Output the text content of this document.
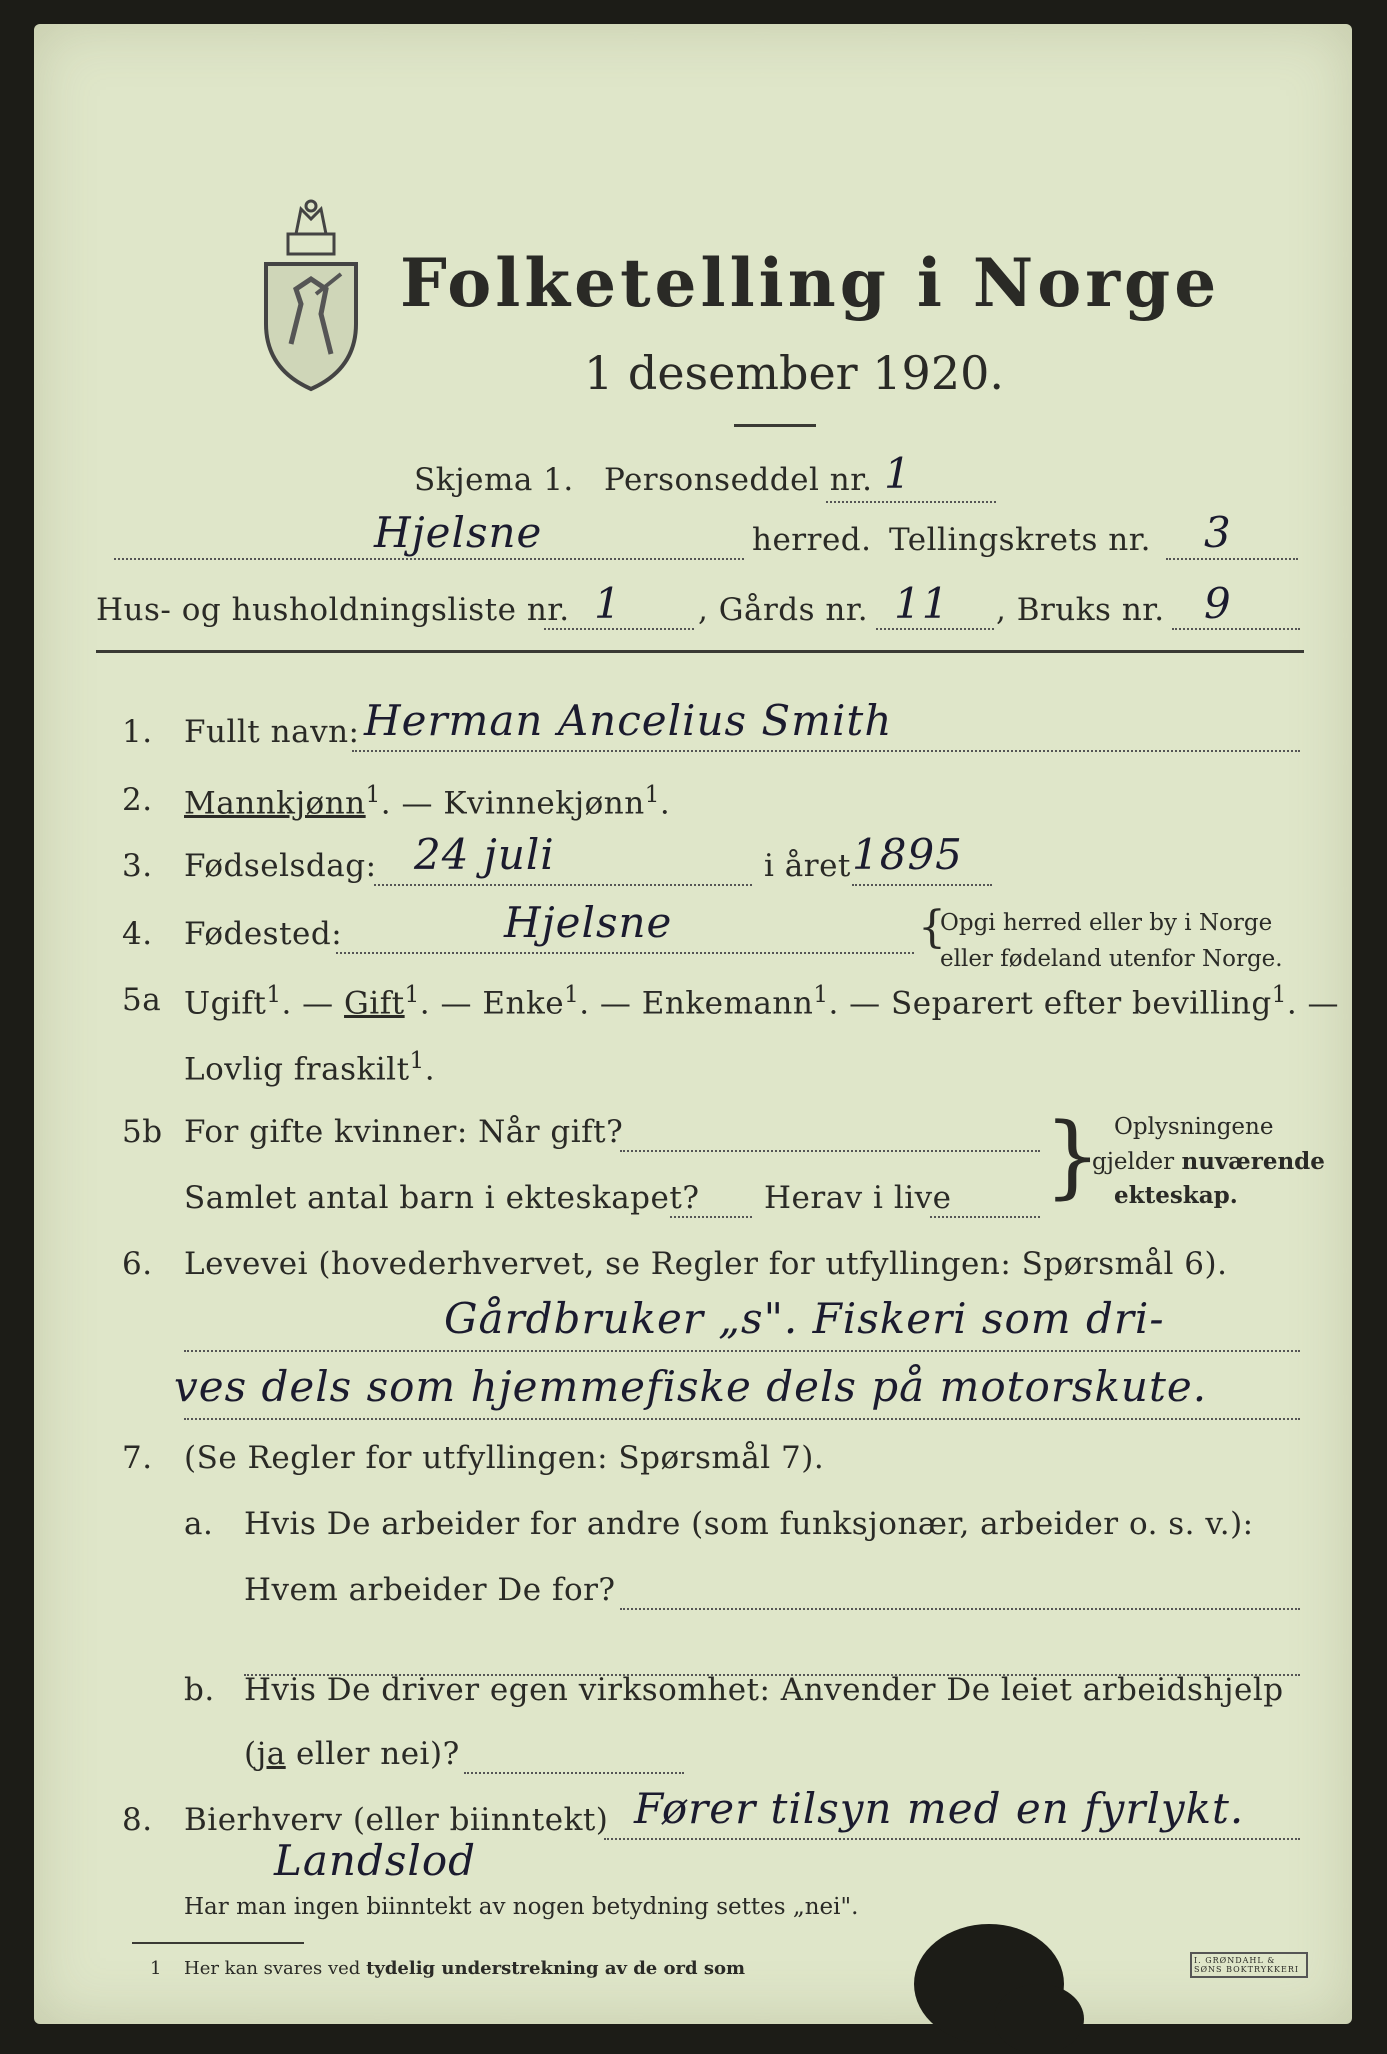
Folketelling i Norge
1 desember 1920.
Skjema 1. Personseddel nr. 1
Hjelsne	herred. Tellingskrets nr. 3
Hus- og husholdningsliste nr. 1 , Gårds nr. 11 , Bruks nr. 9
1. Fullt navn: Herman Ancelius Smith
2. Mannkjønn$^1$. — Kvinnekjønn$^1$.
3. Fødselsdag: 24 juli	i året 1895
4. Fødested:	Hjelsne	{
Opgi herred eller by i Norge
eller fødeland utenfor Norge.
5a Ugift$^1$. — Gift$^1$. — Enke$^1$. — Enkemann$^1$. — Separert efter bevilling$^1$. —
Lovlig fraskilt$^1$.
5b For gifte kvinner: Når gift?
Samlet antal barn i ekteskapet? Herav i live } Oplysningene
gjelder nuværende
ekteskap.
6. Levevei (hovederhvervet, se Regler for utfyllingen: Spørsmål 6).
Gårdbruker „s". Fiskeri som dri-
ves dels som hjemmefiske dels på motorskute.
7. (Se Regler for utfyllingen: Spørsmål 7).
a. Hvis De arbeider for andre (som funksjonær, arbeider o. s. v.):
Hvem arbeider De for?
b. Hvis De driver egen virksomhet: Anvender De leiet arbeidshjelp
(ja eller nei)?
8. Bierhverv (eller biinntekt) Fører tilsyn med en fyrlykt.
Landslod
Har man ingen biinntekt av nogen betydning settes „nei".
1 Her kan svares ved tydelig understrekning av de ord som	I. GRØNDAHL & SØNS BOKTRYKKERI
